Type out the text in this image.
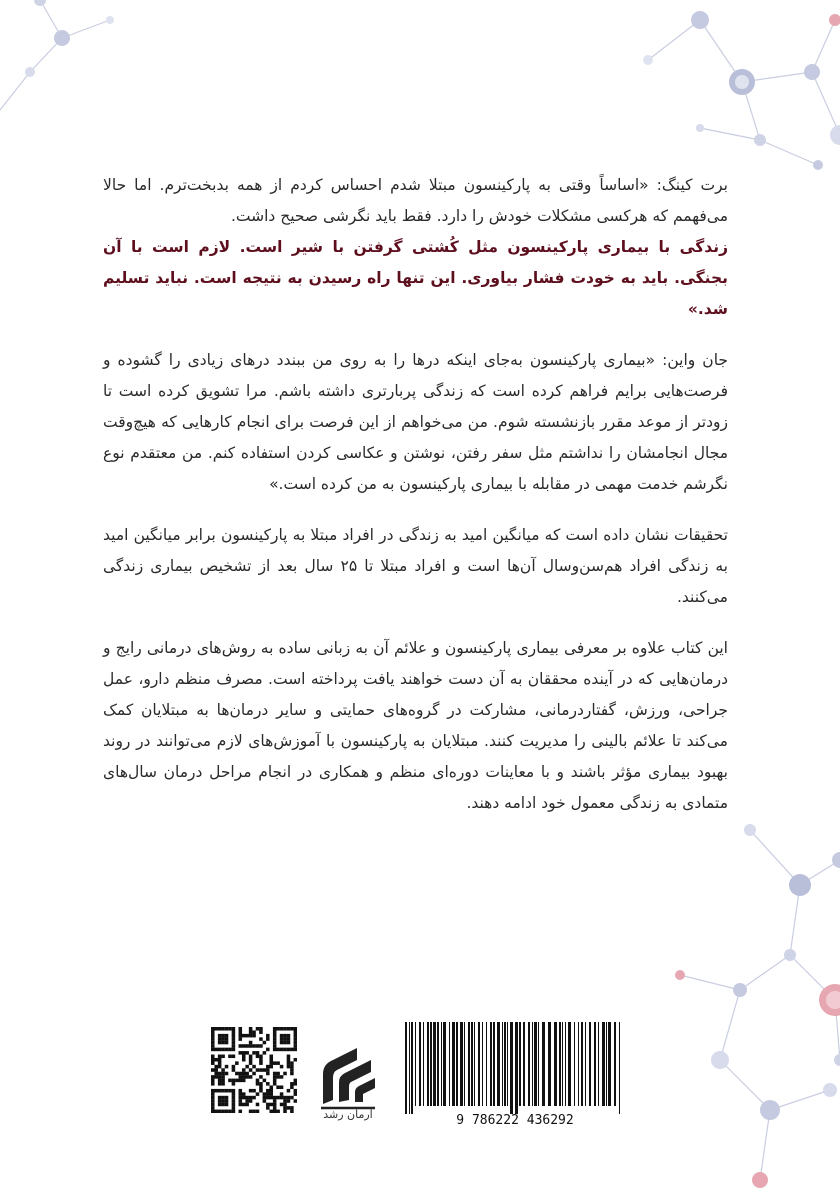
برت کینگ: «اساساً وقتی به پارکینسون مبتلا شدم احساس کردم از همه بدبخت‌ترم. اما حالا می‌فهمم که هرکسی مشکلات خودش را دارد. فقط باید نگرشی صحیح داشت.

زندگی با بیماری پارکینسون مثل کُشتی گرفتن با شیر است. لازم است با آن بجنگی. باید به خودت فشار بیاوری. این تنها راه رسیدن به نتیجه است. نباید تسلیم شد.»

جان واین: «بیماری پارکینسون به‌جای اینکه درها را به روی من ببندد درهای زیادی را گشوده و فرصت‌هایی برایم فراهم کرده است که زندگی پربارتری داشته باشم. مرا تشویق کرده است تا زودتر از موعد مقرر بازنشسته شوم. من می‌خواهم از این فرصت برای انجام کارهایی که هیچ‌وقت مجال انجامشان را نداشتم مثل سفر رفتن، نوشتن و عکاسی کردن استفاده کنم. من معتقدم نوع نگرشم خدمت مهمی در مقابله با بیماری پارکینسون به من کرده است.»

تحقیقات نشان داده است که میانگین امید به زندگی در افراد مبتلا به پارکینسون برابر میانگین امید به زندگی افراد هم‌سن‌وسال آن‌ها است و افراد مبتلا تا ۲۵ سال بعد از تشخیص بیماری زندگی می‌کنند.

این کتاب علاوه بر معرفی بیماری پارکینسون و علائم آن به زبانی ساده به روش‌های درمانی رایج و درمان‌هایی که در آینده محققان به آن دست خواهند یافت پرداخته است. مصرف منظم دارو، عمل جراحی، ورزش، گفتاردرمانی، مشارکت در گروه‌های حمایتی و سایر درمان‌ها به مبتلایان کمک می‌کند تا علائم بالینی را مدیریت کنند. مبتلایان به پارکینسون با آموزش‌های لازم می‌توانند در روند بهبود بیماری مؤثر باشند و با معاینات دوره‌ای منظم و همکاری در انجام مراحل درمان سال‌های متمادی به زندگی معمول خود ادامه دهند.

آرمان رشد	9 786222 436292
